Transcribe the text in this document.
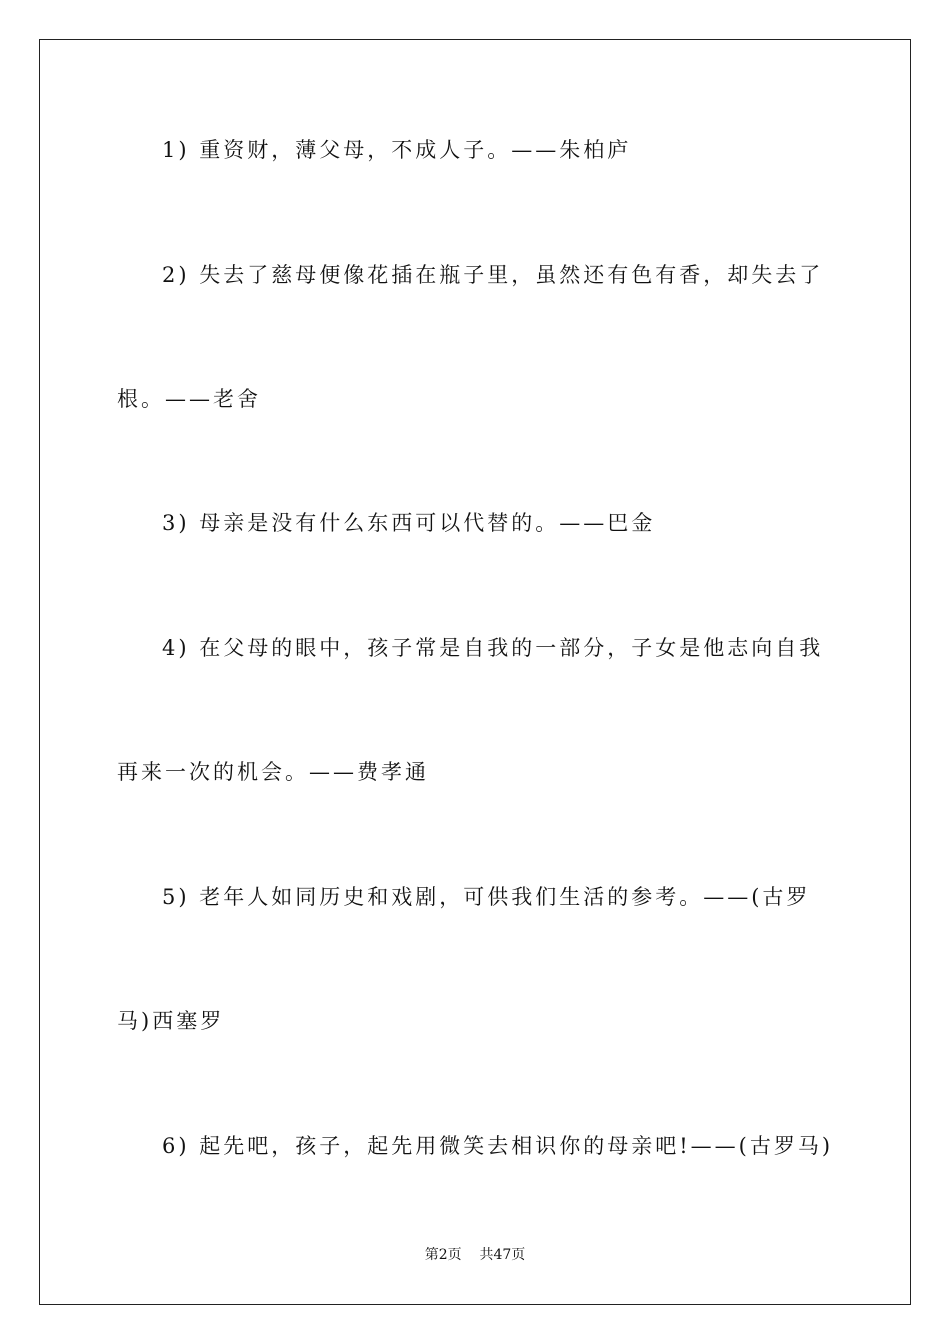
1) 重资财，薄父母，不成人子。——朱柏庐
2) 失去了慈母便像花插在瓶子里，虽然还有色有香，却失去了
根。——老舍
3) 母亲是没有什么东西可以代替的。——巴金
4) 在父母的眼中，孩子常是自我的一部分，子女是他志向自我
再来一次的机会。——费孝通
5) 老年人如同历史和戏剧，可供我们生活的参考。——(古罗
马)西塞罗
6) 起先吧，孩子，起先用微笑去相识你的母亲吧!——(古罗马)
第2页 共47页
